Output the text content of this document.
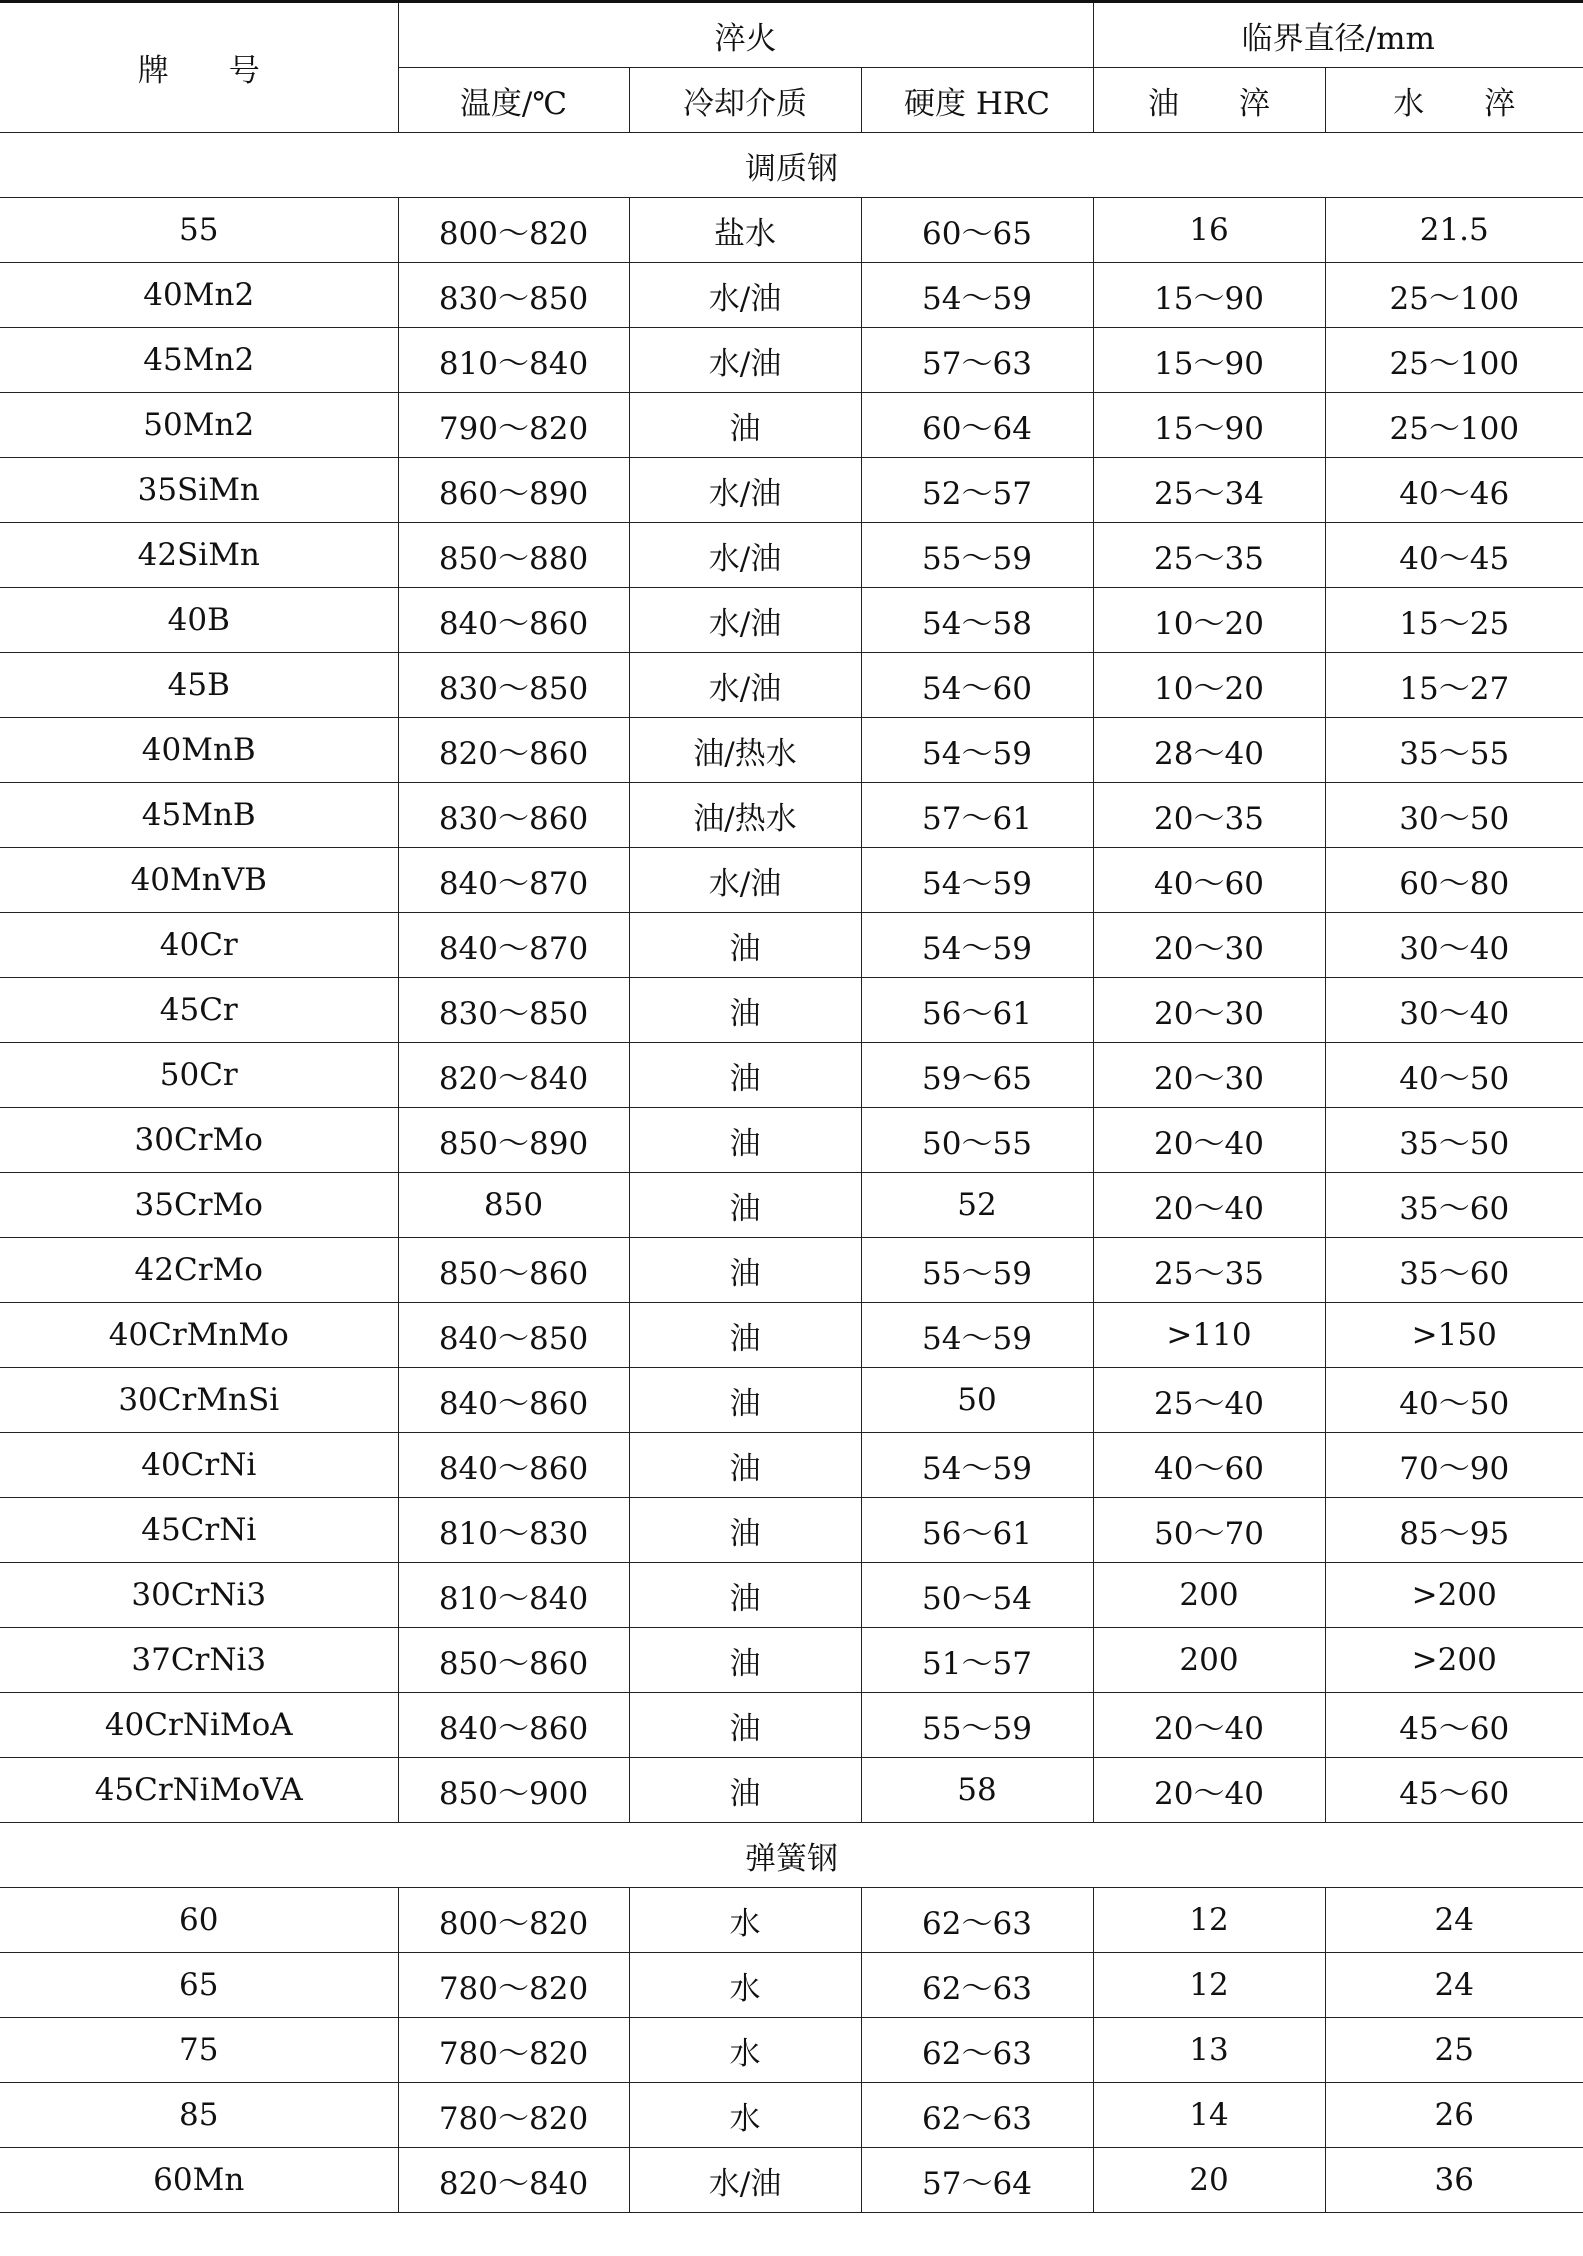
牌 号	淬火			临界直径/mm	
	温度/℃	冷却介质	硬度 HRC	油 淬	水 淬
调质钢					
55	800～820	盐水	60～65	16	21.5
40Mn2	830～850	水/油	54～59	15～90	25～100
45Mn2	810～840	水/油	57～63	15～90	25～100
50Mn2	790～820	油	60～64	15～90	25～100
35SiMn	860～890	水/油	52～57	25～34	40～46
42SiMn	850～880	水/油	55～59	25～35	40～45
40B	840～860	水/油	54～58	10～20	15～25
45B	830～850	水/油	54～60	10～20	15～27
40MnB	820～860	油/热水	54～59	28～40	35～55
45MnB	830～860	油/热水	57～61	20～35	30～50
40MnVB	840～870	水/油	54～59	40～60	60～80
40Cr	840～870	油	54～59	20～30	30～40
45Cr	830～850	油	56～61	20～30	30～40
50Cr	820～840	油	59～65	20～30	40～50
30CrMo	850～890	油	50～55	20～40	35～50
35CrMo	850	油	52	20～40	35～60
42CrMo	850～860	油	55～59	25～35	35～60
40CrMnMo	840～850	油	54～59	>110	>150
30CrMnSi	840～860	油	50	25～40	40～50
40CrNi	840～860	油	54～59	40～60	70～90
45CrNi	810～830	油	56～61	50～70	85～95
30CrNi3	810～840	油	50～54	200	>200
37CrNi3	850～860	油	51～57	200	>200
40CrNiMoA	840～860	油	55～59	20～40	45～60
45CrNiMoVA	850～900	油	58	20～40	45～60
弹簧钢					
60	800～820	水	62～63	12	24
65	780～820	水	62～63	12	24
75	780～820	水	62～63	13	25
85	780～820	水	62～63	14	26
60Mn	820～840	水/油	57～64	20	36
